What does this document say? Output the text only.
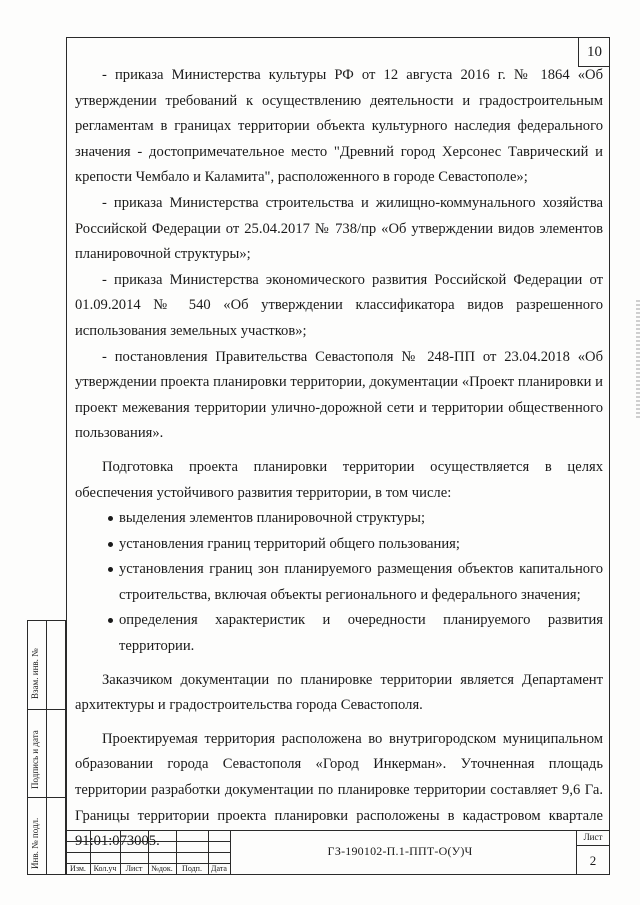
10

- приказа Министерства культуры РФ от 12 августа 2016 г. № 1864 «Об утверждении требований к осуществлению деятельности и градостроительным регламентам в границах территории объекта культурного наследия федерального значения - достопримечательное место "Древний город Херсонес Таврический и крепости Чембало и Каламита", расположенного в городе Севастополе»;

- приказа Министерства строительства и жилищно-коммунального хозяйства Российской Федерации от 25.04.2017 № 738/пр «Об утверждении видов элементов планировочной структуры»;

- приказа Министерства экономического развития Российской Федерации от 01.09.2014 № 540 «Об утверждении классификатора видов разрешенного использования земельных участков»;

- постановления Правительства Севастополя № 248-ПП от 23.04.2018 «Об утверждении проекта планировки территории, документации «Проект планировки и проект межевания территории улично-дорожной сети и территории общественного пользования».

Подготовка проекта планировки территории осуществляется в целях обеспечения устойчивого развития территории, в том числе:

выделения элементов планировочной структуры;
установления границ территорий общего пользования;
установления границ зон планируемого размещения объектов капитального строительства, включая объекты регионального и федерального значения;
определения характеристик и очередности планируемого развития территории.

Заказчиком документации по планировке территории является Департамент архитектуры и градостроительства города Севастополя.

Проектируемая территория расположена во внутригородском муниципальном образовании города Севастополя «Город Инкерман». Уточненная площадь территории разработки документации по планировке территории составляет 9,6 Га. Границы территории проекта планировки расположены в кадастровом квартале 91:01:073005.

Взам. инв. №
Подпись и дата
Инв. № подл.	Изм. Кол.уч	Лист	№док.	Подп.	Дата
ГЗ-190102-П.1-ППТ-О(У)Ч
Лист
2
